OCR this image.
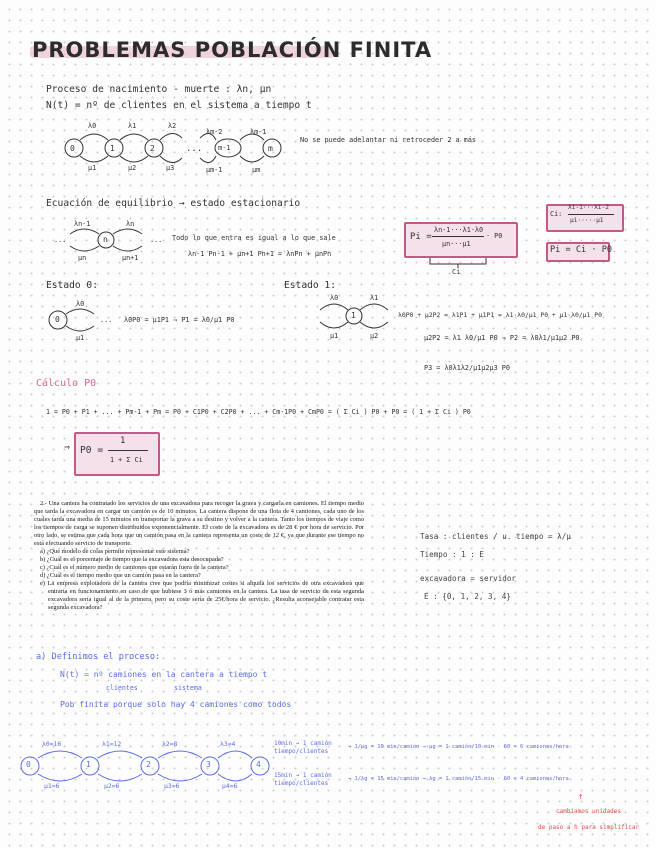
PROBLEMAS POBLACIÓN FINITA
Proceso de nacimiento - muerte : λn, μn
N(t) = nº de clientes en el sistema a tiempo t
0	1	2	m-1	m
...
λ0	λ1	λ2
λm-2	λm-1
μ1	μ2	μ3	μm-1	μm
No se puede adelantar ni retroceder 2 a más
Ecuación de equilibrio → estado estacionario
n
λn-1	λn
μn	μn+1
...	... Todo lo que entra es igual a lo que sale
λn-1 Pn-1 + μn+1 Pn+1 = λnPn + μnPn
Pi =
λn-1···λ1·λ0
μn···μ1
· P0
Ci
Ci:
λi-1···λi-2
μi·····μ1
Pi = Ci · P0
Estado 0:
0
λ0
μ1
... λ0P0 = μ1P1 ⇒ P1 = λ0/μ1 P0
Estado 1:
1
λ0	λ1
μ1	μ2
λ0P0 + μ2P2 = λ1P1 + μ1P1 = λ1·λ0/μ1 P0 + μ1·λ0/μ1 P0
μ2P2 = λ1 λ0/μ1 P0 ⇒ P2 = λ0λ1/μ1μ2 P0
P3 = λ0λ1λ2/μ1μ2μ3 P0
Cálculo P0
1 = P0 + P1 + ... + Pm-1 + Pm = P0 + C1P0 + C2P0 + ... + Cm-1P0 + CmP0 = ( Σ Ci ) P0 + P0 = ( 1 + Σ Ci ) P0
⇒ P0 =
1
1 + Σ Ci

2.- Una cantera ha contratado los servicios de una excavadora para recoger la grava y cargarla en camiones. El tiempo medio que tarda la excavadora en cargar un camión es de 10 minutos. La cantera dispone de una flota de 4 camiones, cada uno de los cuales tarda una media de 15 minutos en transportar la grava a su destino y volver a la cantera. Tanto los tiempos de viaje como los tiempos de carga se suponen distribuidos exponencialmente. El coste de la excavadora es de 28 € por hora de servicio. Por otro lado, se estima que cada hora que un camión pasa en la cantera representa un coste de 12 €, ya que durante ese tiempo no está efectuando servicio de transporte.

a) ¿Qué modelo de colas permite representar este sistema?

b) ¿Cuál es el porcentaje de tiempo que la excavadora esta desocupada?

c) ¿Cuál es el número medio de camiones que estarán fuera de la cantera?

d) ¿Cuál es el tiempo medio que un camión pasa en la cantera?

e) La empresa explotadora de la cantera cree que podría minimizar costes si alquila los servicios de otra excavadora que entraría en funcionamiento en caso de que hubiese 3 ó más camiones en la cantera. La tasa de servicio de esta segunda excavadora sería igual al de la primera, pero su coste sería de 25€/hora de servicio. ¿Resulta aconsejable contratar esta segunda excavadora?

Tasa : clientes / u. tiempo = λ/μ
Tiempo : 1 : E
excavadora = servidor
E : {0, 1, 2, 3, 4}
a) Definimos el proceso:
N(t) = nº camiones en la cantera a tiempo t
clientes	sistema
Pob finita porque solo hay 4 camiones como todos
0	1	2	3	4
λ0=16	λ1=12	λ2=8	λ3=4
μ1=6	μ2=6	μ3=6	μ4=6
10min → 1 camión
tiempo/clientes
15min → 1 camión
tiempo/clientes
→ 1/μg = 10 min/camión → μg = 1 camión/10 min · 60 = 6 camiones/hora
→ 1/λg = 15 min/camión → λg = 1 camión/15 min · 60 = 4 camiones/hora
↑
cambiamos unidades
de paso a h para simplificar
